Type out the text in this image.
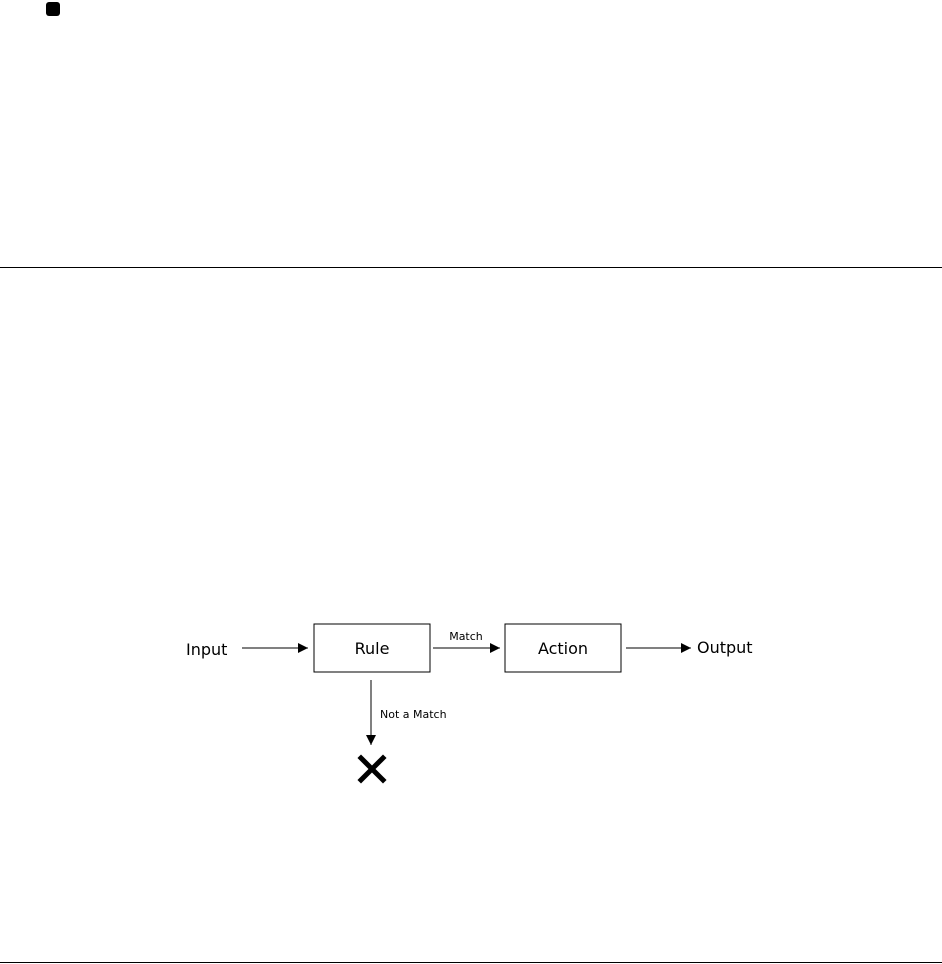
Input	Rule
Match
Action	Output
Not a Match
